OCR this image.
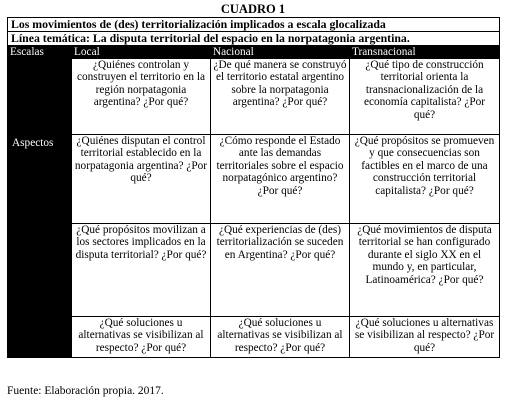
CUADRO 1
Los movimientos de (des) territorialización implicados a escala glocalizada			
Línea temática: La disputa territorial del espacio en la norpatagonia argentina.			
Escalas	Local	Nacional	Transnacional

Aspectos	¿Quiénes controlan y construyen el territorio en la región norpatagonia argentina? ¿Por qué?	¿De qué manera se construyó el territorio estatal argentino sobre la norpatagonia argentina? ¿Por qué?	¿Qué tipo de construcción territorial orienta la transnacionalización de la economía capitalista? ¿Por qué?
	¿Quiénes disputan el control territorial establecido en la norpatagonia argentina? ¿Por qué?	¿Cómo responde el Estado ante las demandas territoriales sobre el espacio norpatagónico argentino? ¿Por qué?	¿Qué propósitos se promueven y que consecuencias son factibles en el marco de una construcción territorial capitalista? ¿Por qué?
	¿Qué propósitos movilizan a los sectores implicados en la disputa territorial? ¿Por qué?	¿Qué experiencias de (des) territorialización se suceden en Argentina? ¿Por qué?	¿Qué movimientos de disputa territorial se han configurado durante el siglo XX en el mundo y, en particular, Latinoamérica? ¿Por qué?
	¿Qué soluciones u alternativas se visibilizan al respecto? ¿Por qué?	¿Qué soluciones u alternativas se visibilizan al respecto? ¿Por qué?	¿Qué soluciones u alternativas se visibilizan al respecto? ¿Por qué?
Fuente: Elaboración propia. 2017.
